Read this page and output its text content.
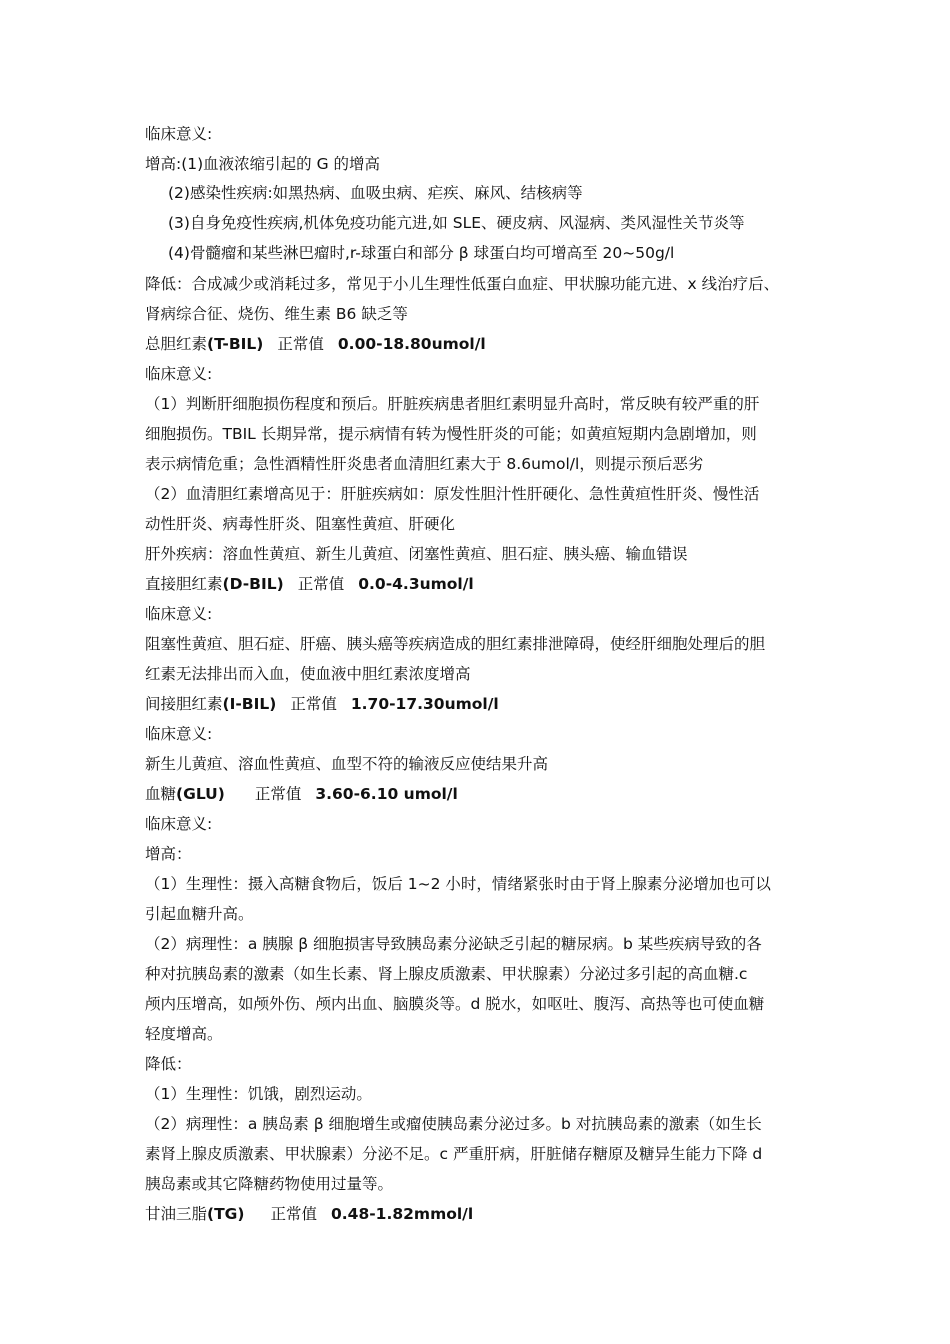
临床意义:
增高:(1)血液浓缩引起的 G 的增高
(2)感染性疾病:如黑热病、血吸虫病、疟疾、麻风、结核病等
(3)自身免疫性疾病,机体免疫功能亢进,如 SLE、硬皮病、风湿病、类风湿性关节炎等
(4)骨髓瘤和某些淋巴瘤时,r-球蛋白和部分 β 球蛋白均可增高至 20~50g/l
降低：合成减少或消耗过多，常见于小儿生理性低蛋白血症、甲状腺功能亢进、x 线治疗后、
肾病综合征、烧伤、维生素 B6 缺乏等
总胆红素(T-BIL) 正常值 0.00-18.80umol/l
临床意义:
（1）判断肝细胞损伤程度和预后。肝脏疾病患者胆红素明显升高时，常反映有较严重的肝
细胞损伤。TBIL 长期异常，提示病情有转为慢性肝炎的可能；如黄疸短期内急剧增加，则
表示病情危重；急性酒精性肝炎患者血清胆红素大于 8.6umol/l，则提示预后恶劣
（2）血清胆红素增高见于：肝脏疾病如：原发性胆汁性肝硬化、急性黄疸性肝炎、慢性活
动性肝炎、病毒性肝炎、阻塞性黄疸、肝硬化
肝外疾病：溶血性黄疸、新生儿黄疸、闭塞性黄疸、胆石症、胰头癌、输血错误
直接胆红素(D-BIL) 正常值 0.0-4.3umol/l
临床意义:
阻塞性黄疸、胆石症、肝癌、胰头癌等疾病造成的胆红素排泄障碍，使经肝细胞处理后的胆
红素无法排出而入血，使血液中胆红素浓度增高
间接胆红素(I-BIL) 正常值 1.70-17.30umol/l
临床意义:
新生儿黄疸、溶血性黄疸、血型不符的输液反应使结果升高
血糖(GLU) 正常值 3.60-6.10 umol/l
临床意义:
增高：
（1）生理性：摄入高糖食物后，饭后 1~2 小时，情绪紧张时由于肾上腺素分泌增加也可以
引起血糖升高。
（2）病理性：a 胰腺 β 细胞损害导致胰岛素分泌缺乏引起的糖尿病。b 某些疾病导致的各
种对抗胰岛素的激素（如生长素、肾上腺皮质激素、甲状腺素）分泌过多引起的高血糖.c
颅内压增高，如颅外伤、颅内出血、脑膜炎等。d 脱水，如呕吐、腹泻、高热等也可使血糖
轻度增高。
降低：
（1）生理性：饥饿，剧烈运动。
（2）病理性：a 胰岛素 β 细胞增生或瘤使胰岛素分泌过多。b 对抗胰岛素的激素（如生长
素肾上腺皮质激素、甲状腺素）分泌不足。c 严重肝病，肝脏储存糖原及糖异生能力下降 d
胰岛素或其它降糖药物使用过量等。
甘油三脂(TG) 正常值 0.48-1.82mmol/l
